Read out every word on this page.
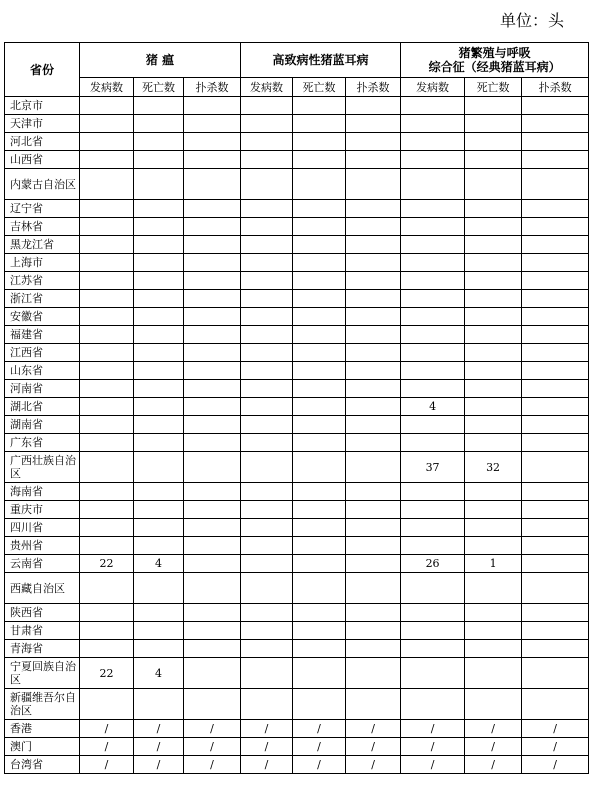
单位：头
省份	猪 瘟			高致病性猪蓝耳病			猪繁殖与呼吸
综合征（经典猪蓝耳病）		
	发病数	死亡数	扑杀数	发病数	死亡数	扑杀数	发病数	死亡数	扑杀数
北京市									
天津市									
河北省									
山西省									
内蒙古自治区									
辽宁省									
吉林省									
黑龙江省									
上海市									
江苏省									
浙江省									
安徽省									
福建省									
江西省									
山东省									
河南省									
湖北省							4		
湖南省									
广东省									
广西壮族自治区							37	32	
海南省									
重庆市									
四川省									
贵州省									
云南省	22	4					26	1	
西藏自治区									
陕西省									
甘肃省									
青海省									
宁夏回族自治区	22	4							
新疆维吾尔自治区									
香港	/	/	/	/	/	/	/	/	/
澳门	/	/	/	/	/	/	/	/	/
台湾省	/	/	/	/	/	/	/	/	/
